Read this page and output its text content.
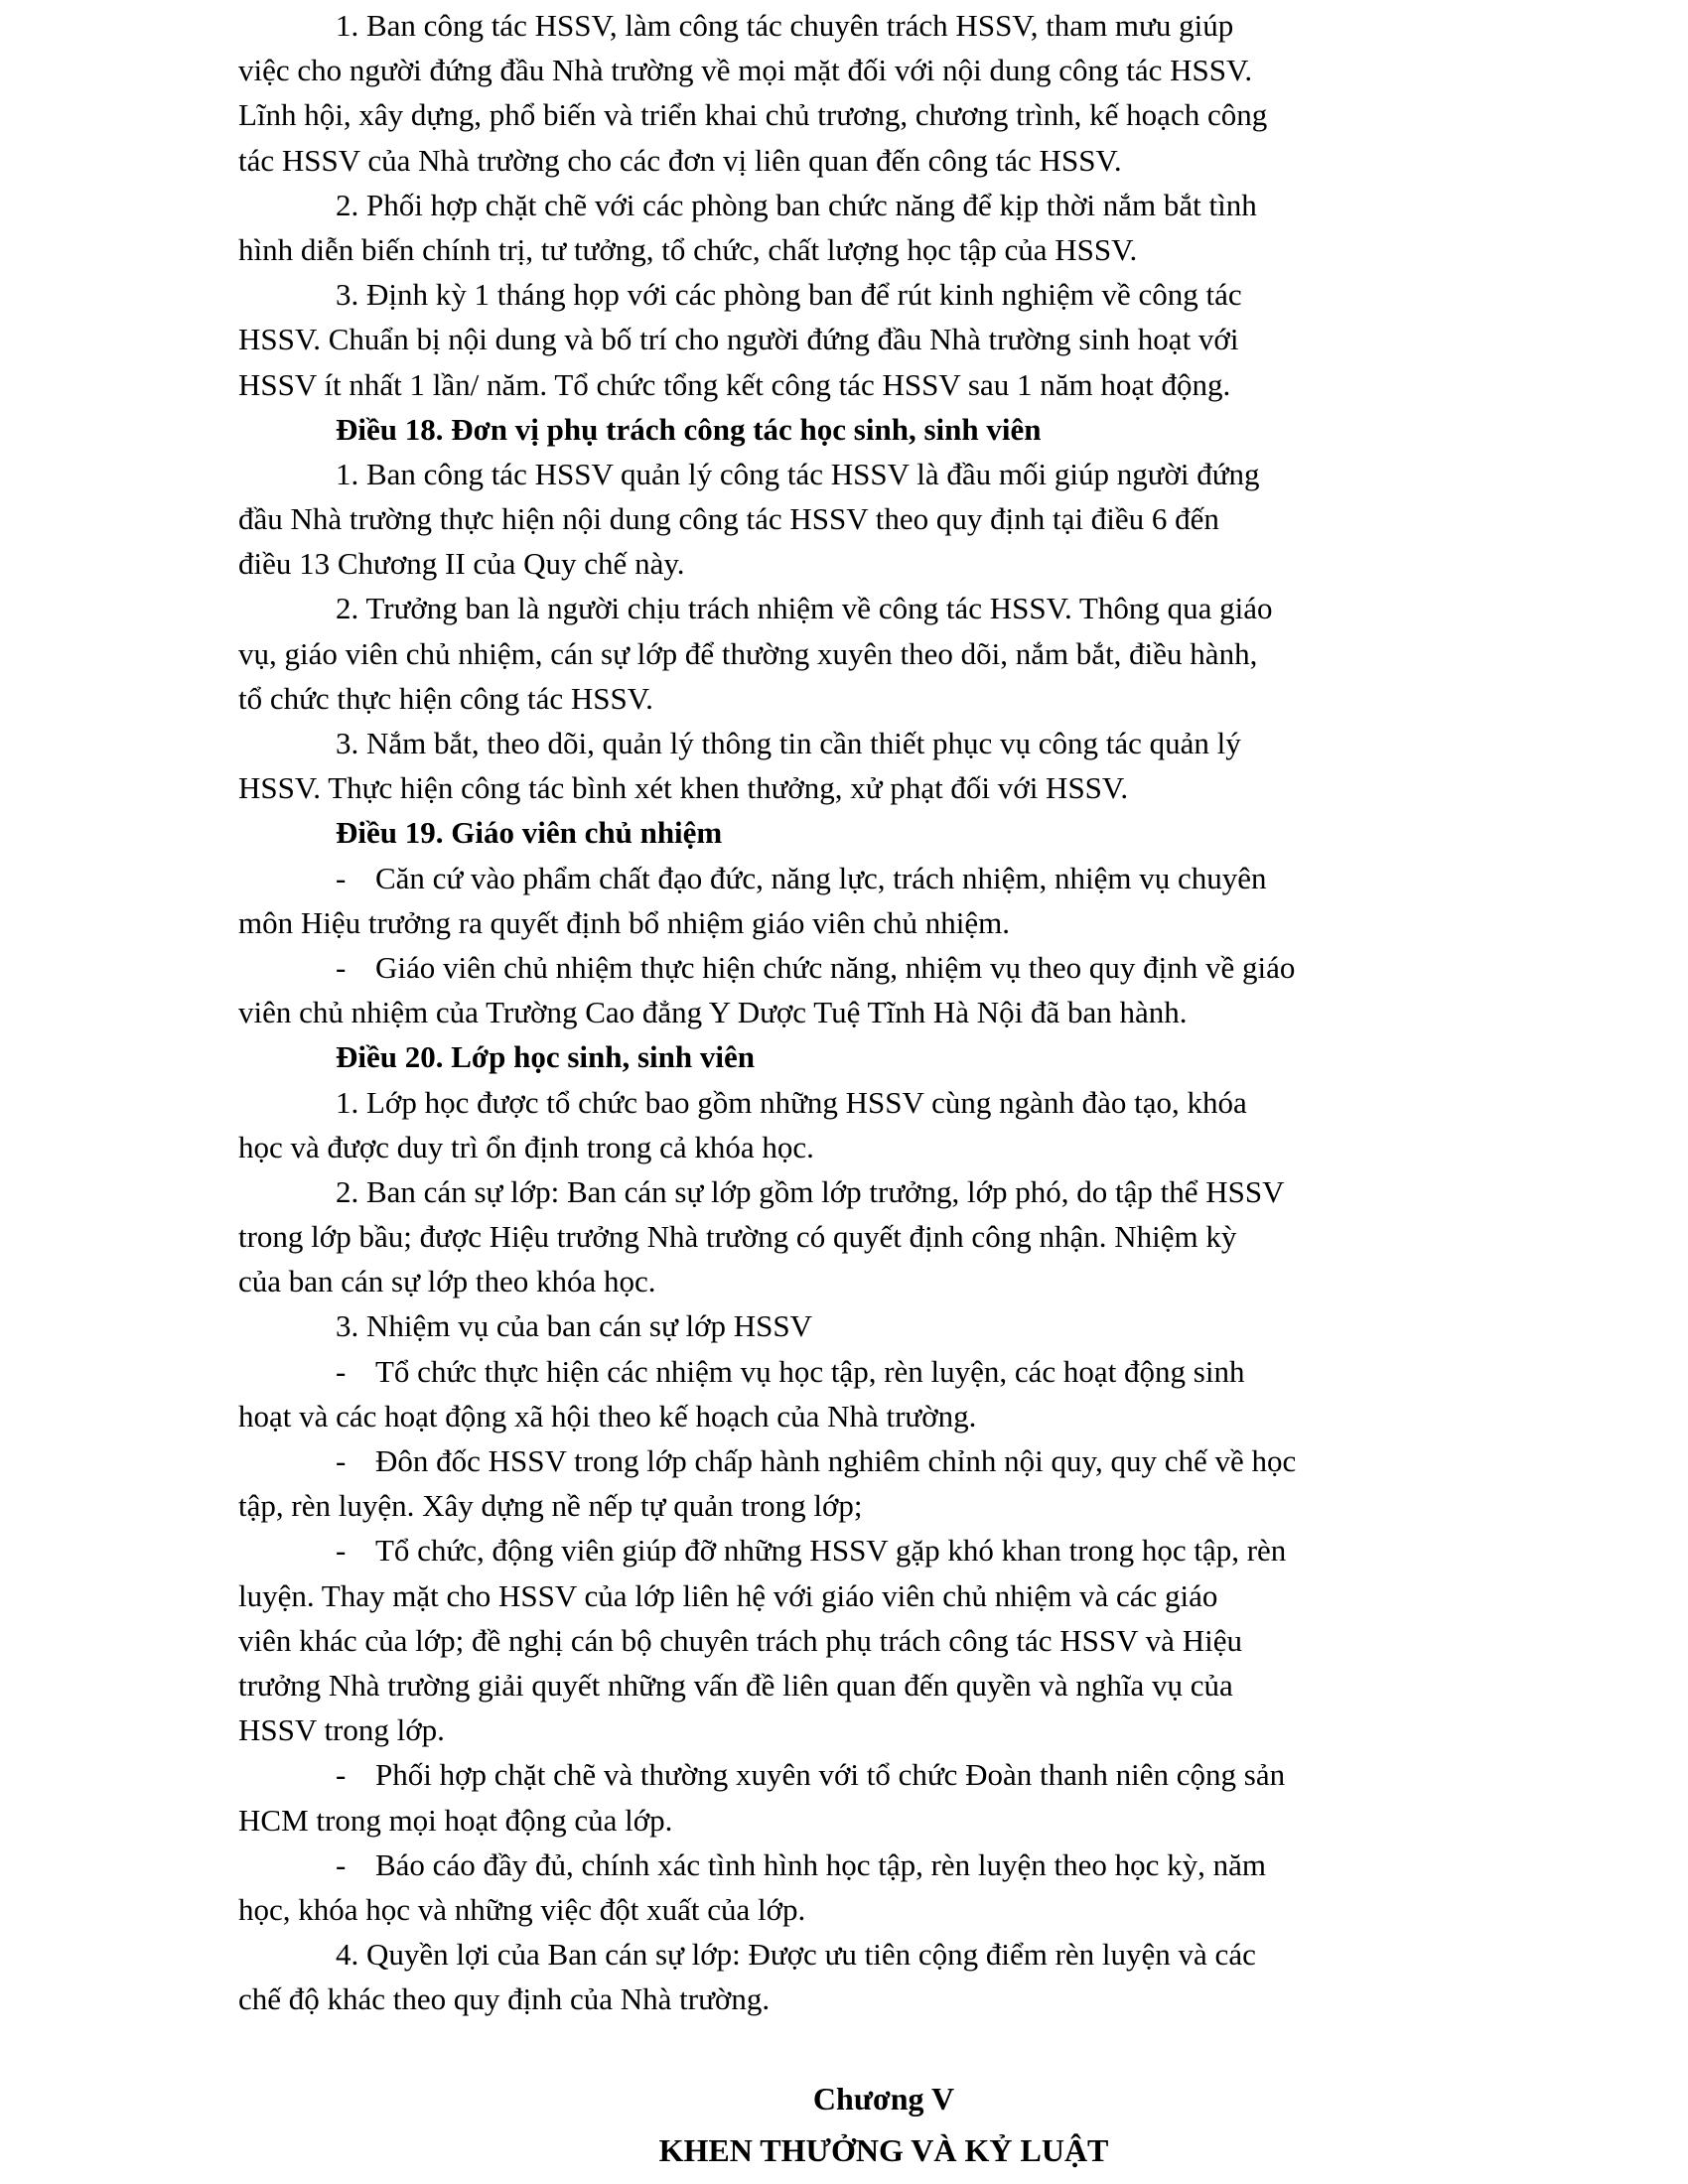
1. Ban công tác HSSV, làm công tác chuyên trách HSSV, tham mưu giúp
việc cho người đứng đầu Nhà trường về mọi mặt đối với nội dung công tác HSSV.
Lĩnh hội, xây dựng, phổ biến và triển khai chủ trương, chương trình, kế hoạch công
tác HSSV của Nhà trường cho các đơn vị liên quan đến công tác HSSV.
2. Phối hợp chặt chẽ với các phòng ban chức năng để kịp thời nắm bắt tình
hình diễn biến chính trị, tư tưởng, tổ chức, chất lượng học tập của HSSV.
3. Định kỳ 1 tháng họp với các phòng ban để rút kinh nghiệm về công tác
HSSV. Chuẩn bị nội dung và bố trí cho người đứng đầu Nhà trường sinh hoạt với
HSSV ít nhất 1 lần/ năm. Tổ chức tổng kết công tác HSSV sau 1 năm hoạt động.
Điều 18. Đơn vị phụ trách công tác học sinh, sinh viên
1. Ban công tác HSSV quản lý công tác HSSV là đầu mối giúp người đứng
đầu Nhà trường thực hiện nội dung công tác HSSV theo quy định tại điều 6 đến
điều 13 Chương II của Quy chế này.
2. Trưởng ban là người chịu trách nhiệm về công tác HSSV. Thông qua giáo
vụ, giáo viên chủ nhiệm, cán sự lớp để thường xuyên theo dõi, nắm bắt, điều hành,
tổ chức thực hiện công tác HSSV.
3. Nắm bắt, theo dõi, quản lý thông tin cần thiết phục vụ công tác quản lý
HSSV. Thực hiện công tác bình xét khen thưởng, xử phạt đối với HSSV.
Điều 19. Giáo viên chủ nhiệm
- Căn cứ vào phẩm chất đạo đức, năng lực, trách nhiệm, nhiệm vụ chuyên
môn Hiệu trưởng ra quyết định bổ nhiệm giáo viên chủ nhiệm.
- Giáo viên chủ nhiệm thực hiện chức năng, nhiệm vụ theo quy định về giáo
viên chủ nhiệm của Trường Cao đẳng Y Dược Tuệ Tĩnh Hà Nội đã ban hành.
Điều 20. Lớp học sinh, sinh viên
1. Lớp học được tổ chức bao gồm những HSSV cùng ngành đào tạo, khóa
học và được duy trì ổn định trong cả khóa học.
2. Ban cán sự lớp: Ban cán sự lớp gồm lớp trưởng, lớp phó, do tập thể HSSV
trong lớp bầu; được Hiệu trưởng Nhà trường có quyết định công nhận. Nhiệm kỳ
của ban cán sự lớp theo khóa học.
3. Nhiệm vụ của ban cán sự lớp HSSV
- Tổ chức thực hiện các nhiệm vụ học tập, rèn luyện, các hoạt động sinh
hoạt và các hoạt động xã hội theo kế hoạch của Nhà trường.
- Đôn đốc HSSV trong lớp chấp hành nghiêm chỉnh nội quy, quy chế về học
tập, rèn luyện. Xây dựng nề nếp tự quản trong lớp;
- Tổ chức, động viên giúp đỡ những HSSV gặp khó khan trong học tập, rèn
luyện. Thay mặt cho HSSV của lớp liên hệ với giáo viên chủ nhiệm và các giáo
viên khác của lớp; đề nghị cán bộ chuyên trách phụ trách công tác HSSV và Hiệu
trưởng Nhà trường giải quyết những vấn đề liên quan đến quyền và nghĩa vụ của
HSSV trong lớp.
- Phối hợp chặt chẽ và thường xuyên với tổ chức Đoàn thanh niên cộng sản
HCM trong mọi hoạt động của lớp.
- Báo cáo đầy đủ, chính xác tình hình học tập, rèn luyện theo học kỳ, năm
học, khóa học và những việc đột xuất của lớp.
4. Quyền lợi của Ban cán sự lớp: Được ưu tiên cộng điểm rèn luyện và các
chế độ khác theo quy định của Nhà trường.
Chương V
KHEN THƯỞNG VÀ KỶ LUẬT
